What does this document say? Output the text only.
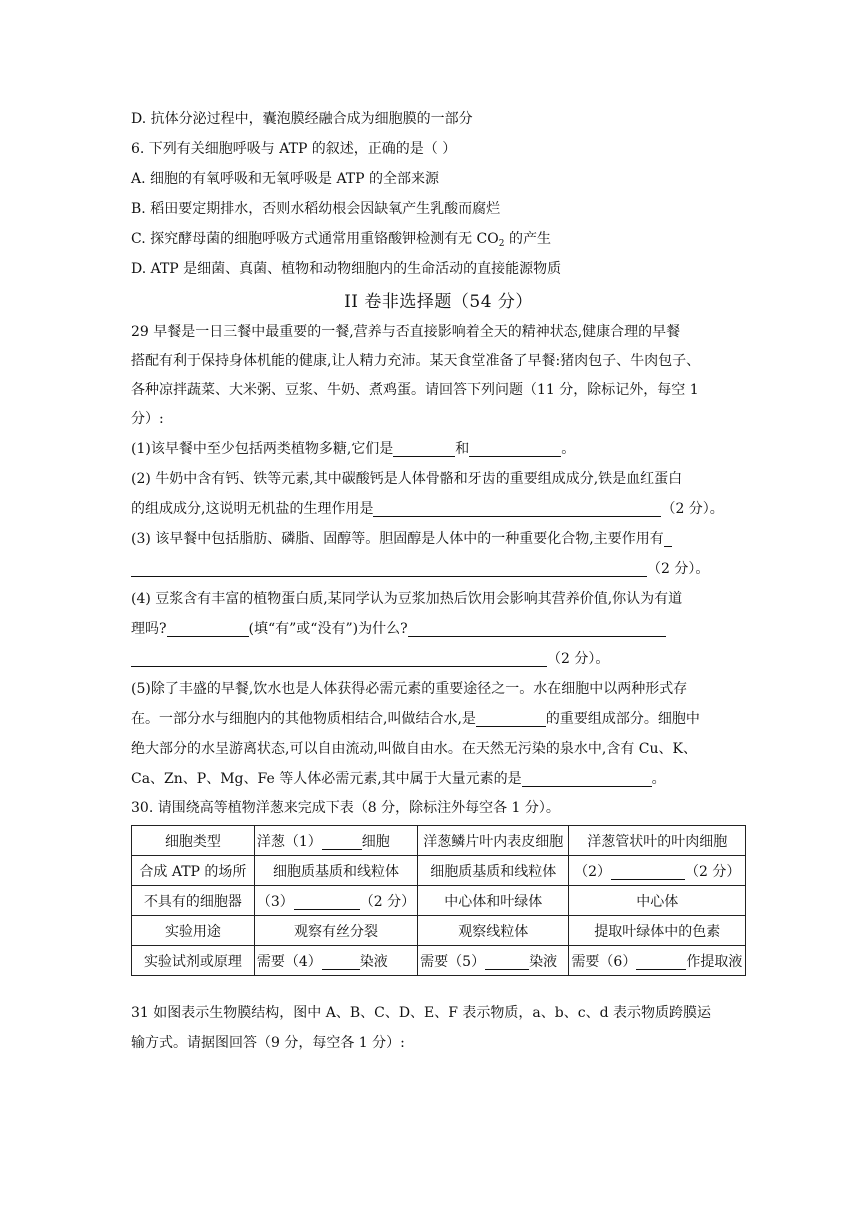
D. 抗体分泌过程中，囊泡膜经融合成为细胞膜的一部分
6. 下列有关细胞呼吸与 ATP 的叙述，正确的是（ ）
A. 细胞的有氧呼吸和无氧呼吸是 ATP 的全部来源
B. 稻田要定期排水，否则水稻幼根会因缺氧产生乳酸而腐烂
C. 探究酵母菌的细胞呼吸方式通常用重铬酸钾检测有无 $CO_2$ 的产生
D. ATP 是细菌、真菌、植物和动物细胞内的生命活动的直接能源物质
II 卷非选择题（54 分）
29 早餐是一日三餐中最重要的一餐,营养与否直接影响着全天的精神状态,健康合理的早餐
搭配有利于保持身体机能的健康,让人精力充沛。某天食堂准备了早餐:猪肉包子、牛肉包子、
各种凉拌蔬菜、大米粥、豆浆、牛奶、煮鸡蛋。请回答下列问题（11 分，除标记外，每空 1
分）:
(1)该早餐中至少包括两类植物多糖,它们是	和	。
(2) 牛奶中含有钙、铁等元素,其中碳酸钙是人体骨骼和牙齿的重要组成成分,铁是血红蛋白
的组成成分,这说明无机盐的生理作用是	（2 分）。
(3) 该早餐中包括脂肪、磷脂、固醇等。胆固醇是人体中的一种重要化合物,主要作用有
（2 分）。
(4) 豆浆含有丰富的植物蛋白质,某同学认为豆浆加热后饮用会影响其营养价值,你认为有道
理吗?	(填“有”或“没有”)为什么?
（2 分）。
(5)除了丰盛的早餐,饮水也是人体获得必需元素的重要途径之一。水在细胞中以两种形式存
在。一部分水与细胞内的其他物质相结合,叫做结合水,是	的重要组成部分。细胞中
绝大部分的水呈游离状态,可以自由流动,叫做自由水。在天然无污染的泉水中,含有 Cu、K、
Ca、Zn、P、Mg、Fe 等人体必需元素,其中属于大量元素的是	。
30. 请围绕高等植物洋葱来完成下表（8 分，除标注外每空各 1 分）。
细胞类型	洋葱（1） 细胞	洋葱鳞片叶内表皮细胞	洋葱管状叶的叶肉细胞
合成 ATP 的场所	细胞质基质和线粒体	细胞质基质和线粒体	（2） （2 分）
不具有的细胞器	（3） （2 分）	中心体和叶绿体	中心体
实验用途	观察有丝分裂	观察线粒体	提取叶绿体中的色素
实验试剂或原理	需要（4） 染液	需要（5） 染液	需要（6） 作提取液
31 如图表示生物膜结构，图中 A、B、C、D、E、F 表示物质，a、b、c、d 表示物质跨膜运
输方式。请据图回答（9 分，每空各 1 分）:
